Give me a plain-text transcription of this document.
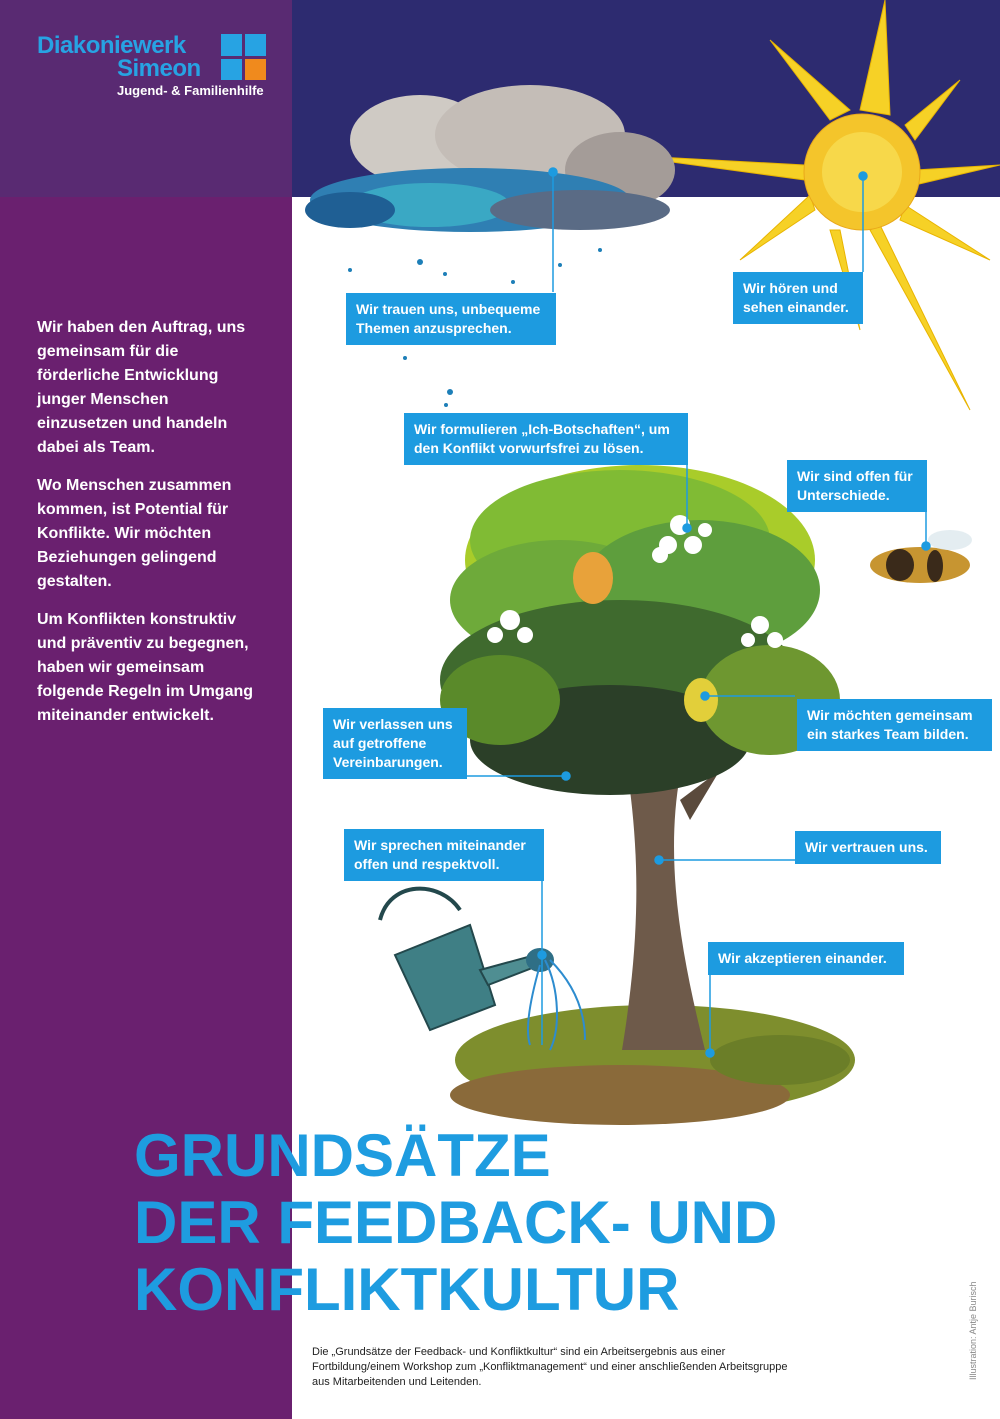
Diakoniewerk
Simeon
Jugend- & Familienhilfe

Wir haben den Auftrag, uns gemeinsam für die förderliche Entwicklung junger Menschen einzusetzen und handeln dabei als Team.

Wo Menschen zusammen kommen, ist Potential für Konflikte. Wir möchten Beziehungen gelingend gestalten.

Um Konflikten konstruktiv und präventiv zu begegnen, haben wir gemeinsam folgende Regeln im Umgang miteinander entwickelt.

Wir trauen uns, unbequeme Themen anzusprechen.
Wir hören und sehen einander.
Wir formulieren „Ich-Botschaften“, um den Konflikt vorwurfsfrei zu lösen.
Wir sind offen für Unterschiede.
Wir möchten gemeinsam ein starkes Team bilden.
Wir verlassen uns auf getroffene Vereinbarungen.
Wir vertrauen uns.
Wir sprechen miteinander offen und respektvoll.
Wir akzeptieren einander.
GRUNDSÄTZE
DER FEEDBACK- UND
KONFLIKTKULTUR
Die „Grundsätze der Feedback- und Konfliktkultur“ sind ein Arbeitsergebnis aus einer Fortbildung/einem Workshop zum „Konfliktmanagement“ und einer anschließenden Arbeitsgruppe aus Mitarbeitenden und Leitenden.
Illustration: Antje Burisch
